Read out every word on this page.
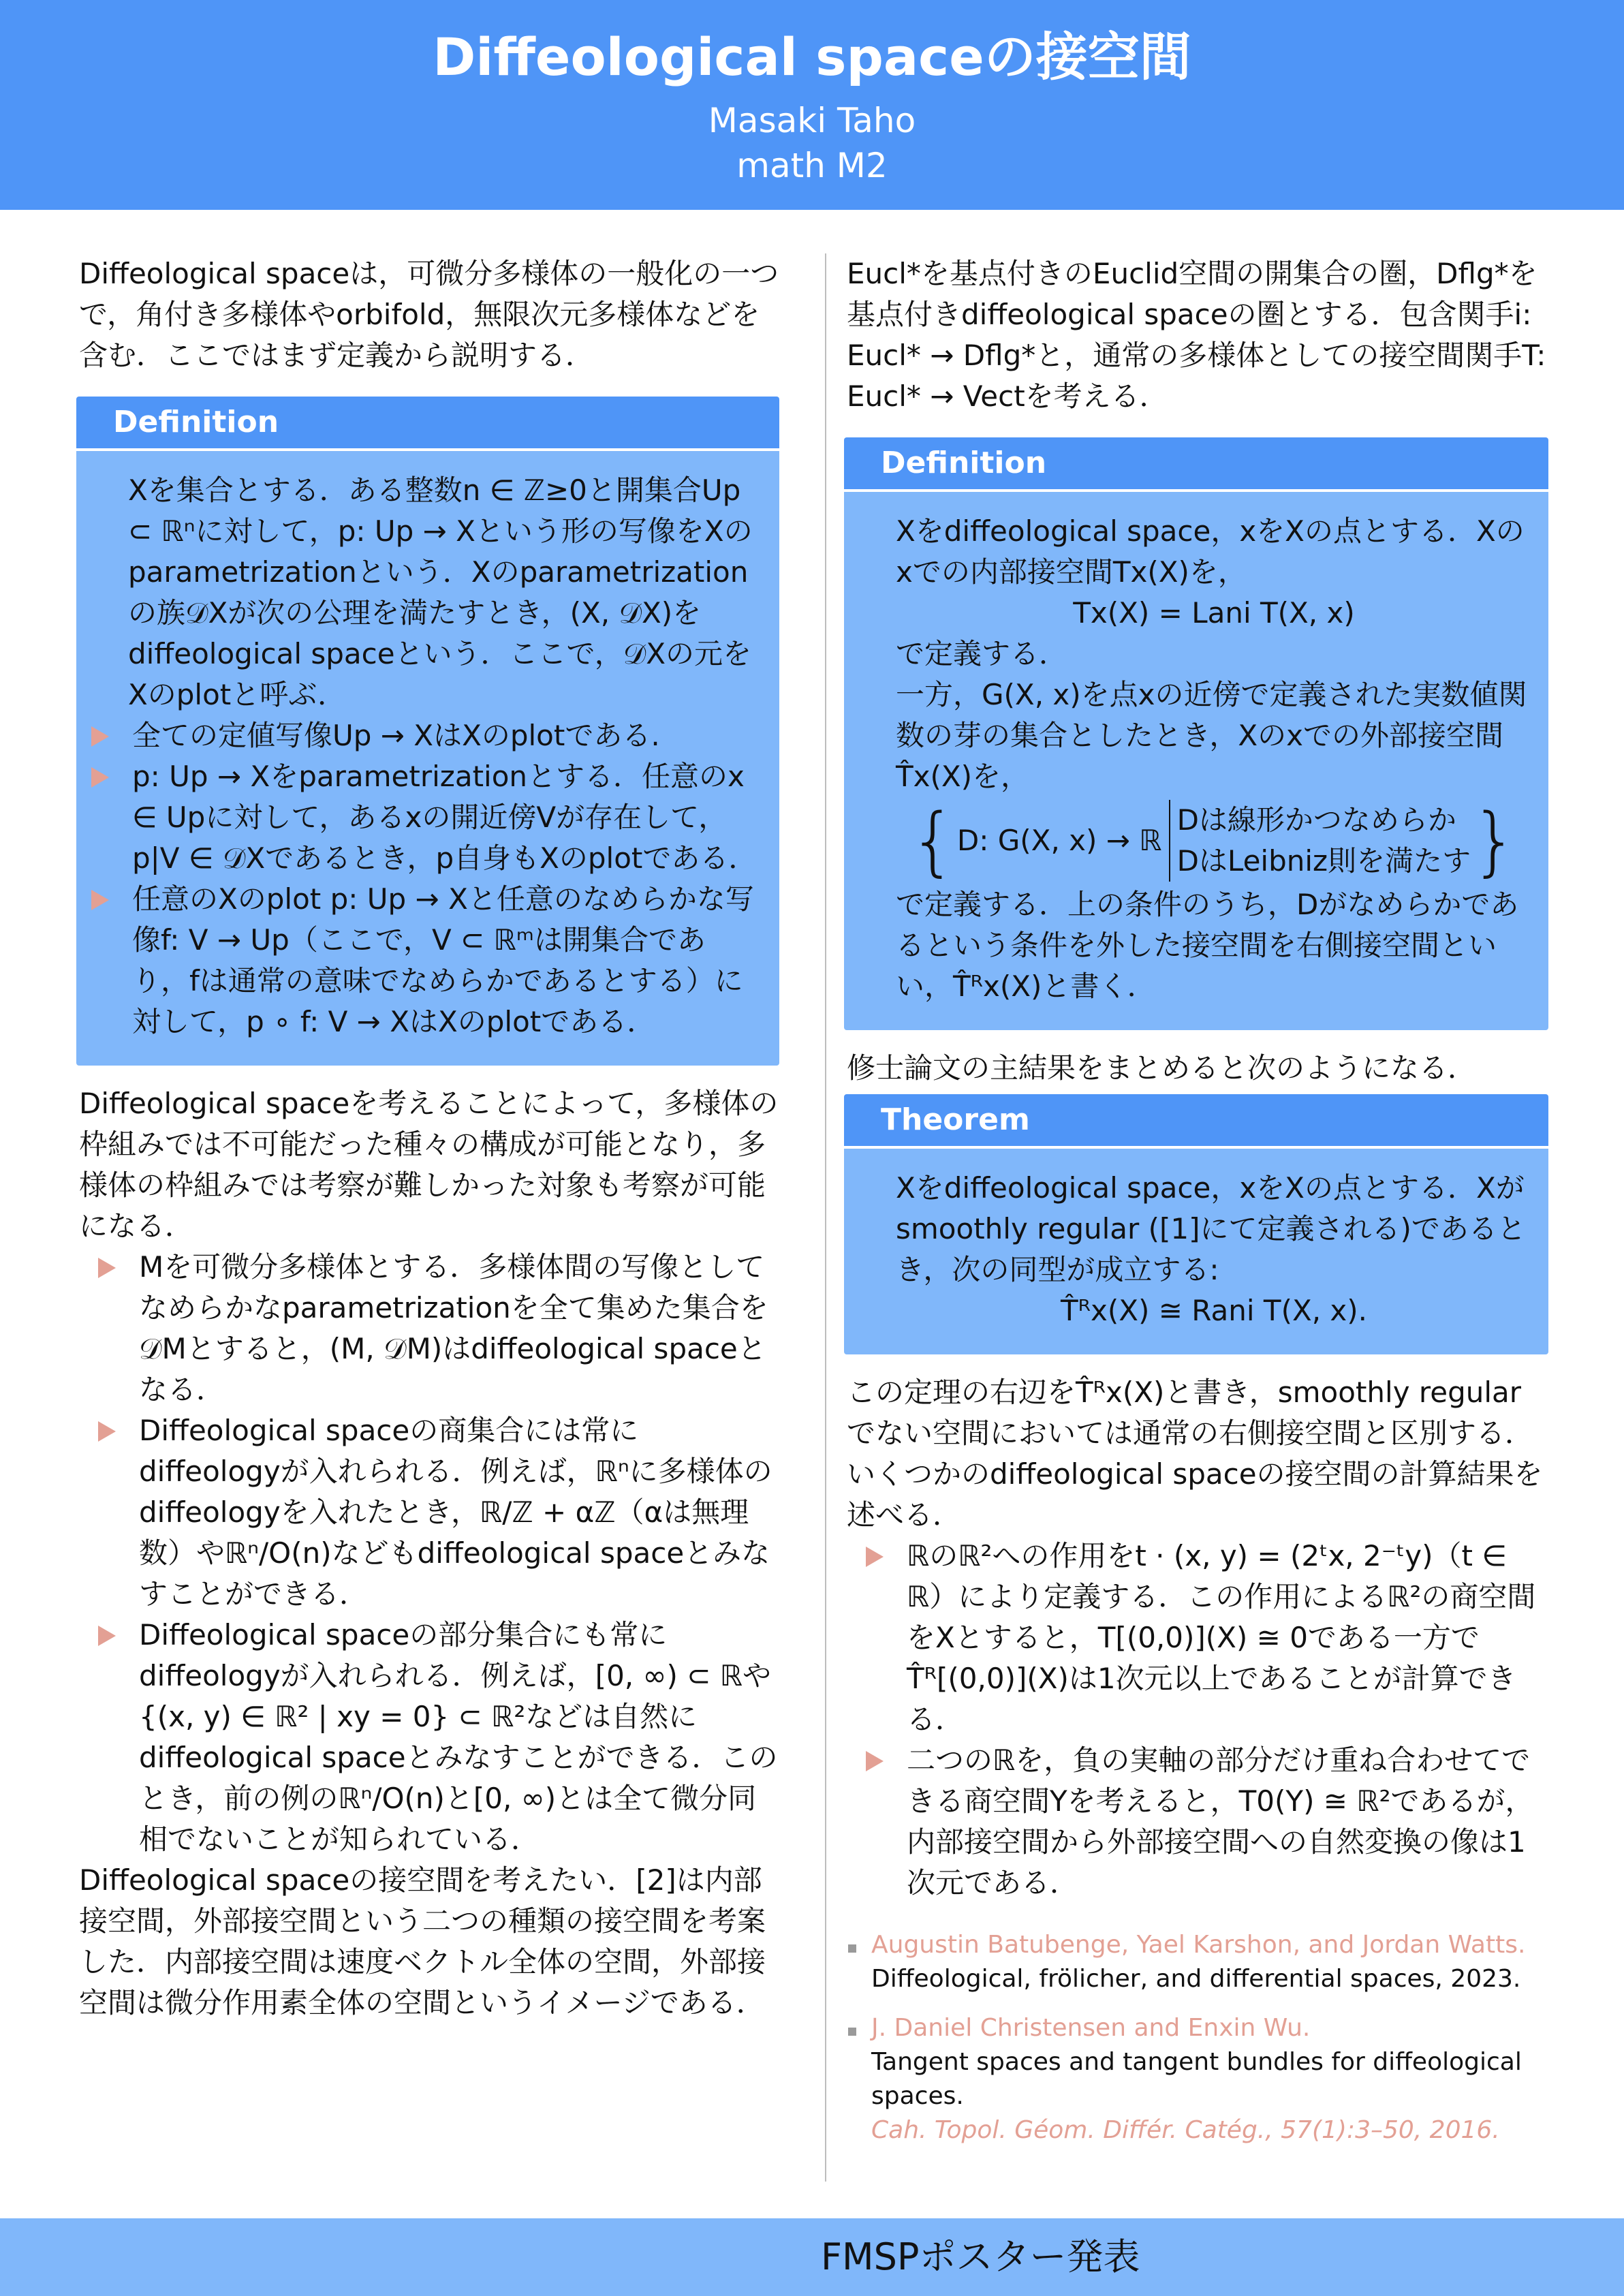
Diffeological spaceの接空間
Masaki Taho
math M2

Diffeological spaceは，可微分多様体の一般化の一つで，角付き多様体やorbifold，無限次元多様体などを含む．ここではまず定義から説明する．

Definition
Xを集合とする．ある整数n ∈ ℤ≥0と開集合Up ⊂ ℝⁿに対して，p: Up → Xという形の写像をXのparametrizationという．Xのparametrizationの族𝒟Xが次の公理を満たすとき，(X, 𝒟X)をdiffeological spaceという．ここで，𝒟Xの元をXのplotと呼ぶ．
全ての定値写像Up → XはXのplotである.
p: Up → Xをparametrizationとする．任意のx ∈ Upに対して，あるxの開近傍Vが存在して，p|V ∈ 𝒟Xであるとき，p自身もXのplotである．
任意のXのplot p: Up → Xと任意のなめらかな写像f: V → Up（ここで，V ⊂ ℝᵐは開集合であり，fは通常の意味でなめらかであるとする）に対して，p ∘ f: V → XはXのplotである．

Diffeological spaceを考えることによって，多様体の枠組みでは不可能だった種々の構成が可能となり，多様体の枠組みでは考察が難しかった対象も考察が可能になる．

Mを可微分多様体とする．多様体間の写像としてなめらかなparametrizationを全て集めた集合を𝒟Mとすると，(M, 𝒟M)はdiffeological spaceとなる．
Diffeological spaceの商集合には常にdiffeologyが入れられる．例えば，ℝⁿに多様体のdiffeologyを入れたとき，ℝ/ℤ + αℤ（αは無理数）やℝⁿ/O(n)などもdiffeological spaceとみなすことができる．
Diffeological spaceの部分集合にも常にdiffeologyが入れられる．例えば，[0, ∞) ⊂ ℝや{(x, y) ∈ ℝ² | xy = 0} ⊂ ℝ²などは自然にdiffeological spaceとみなすことができる．このとき，前の例のℝⁿ/O(n)と[0, ∞)とは全て微分同相でないことが知られている．

Diffeological spaceの接空間を考えたい．[2]は内部接空間，外部接空間という二つの種類の接空間を考案した．内部接空間は速度ベクトル全体の空間，外部接空間は微分作用素全体の空間というイメージである．

Eucl*を基点付きのEuclid空間の開集合の圏，Dflg*を基点付きdiffeological spaceの圏とする．包含関手i: Eucl* → Dflg*と，通常の多様体としての接空間関手T: Eucl* → Vectを考える．

Definition
Xをdiffeological space，xをXの点とする．Xのxでの内部接空間Tx(X)を，
Tx(X) = Lani T(X, x)
で定義する．
一方，G(X, x)を点xの近傍で定義された実数値関数の芽の集合としたとき，Xのxでの外部接空間T̂x(X)を，
{ D: G(X, x) → ℝ
Dは線形かつなめらか
DはLeibniz則を満たす }
で定義する．上の条件のうち，Dがなめらかであるという条件を外した接空間を右側接空間といい，T̂ᴿx(X)と書く．

修士論文の主結果をまとめると次のようになる．

Theorem
Xをdiffeological space，xをXの点とする．Xがsmoothly regular ([1]にて定義される)であるとき，次の同型が成立する:
T̂ᴿx(X) ≅ Rani T(X, x).

この定理の右辺をT̂ᴿx(X)と書き，smoothly regularでない空間においては通常の右側接空間と区別する．いくつかのdiffeological spaceの接空間の計算結果を述べる．

ℝのℝ²への作用をt · (x, y) = (2ᵗx, 2⁻ᵗy)（t ∈ ℝ）により定義する．この作用によるℝ²の商空間をXとすると，T[(0,0)](X) ≅ 0である一方でT̂ᴿ[(0,0)](X)は1次元以上であることが計算できる．
二つのℝを，負の実軸の部分だけ重ね合わせてできる商空間Yを考えると，T0(Y) ≅ ℝ²であるが，内部接空間から外部接空間への自然変換の像は1次元である．
Augustin Batubenge, Yael Karshon, and Jordan Watts.
Diffeological, frölicher, and differential spaces, 2023.
J. Daniel Christensen and Enxin Wu.
Tangent spaces and tangent bundles for diffeological spaces.
Cah. Topol. Géom. Différ. Catég., 57(1):3–50, 2016.
FMSPポスター発表
